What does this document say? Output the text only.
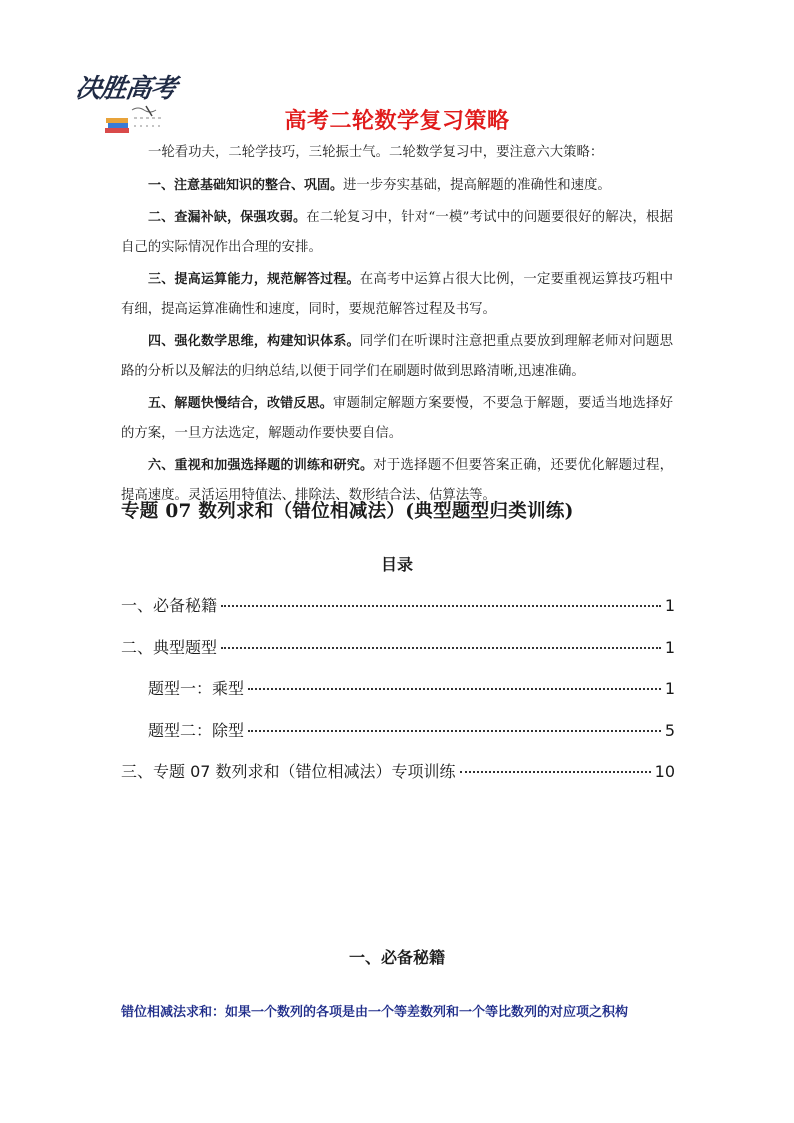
决胜高考
高考二轮数学复习策略

一轮看功夫，二轮学技巧，三轮振士气。二轮数学复习中，要注意六大策略：

一、注意基础知识的整合、巩固。进一步夯实基础，提高解题的准确性和速度。

二、查漏补缺，保强攻弱。在二轮复习中，针对“一模”考试中的问题要很好的解决，根据自己的实际情况作出合理的安排。

三、提高运算能力，规范解答过程。在高考中运算占很大比例，一定要重视运算技巧粗中有细，提高运算准确性和速度，同时，要规范解答过程及书写。

四、强化数学思维，构建知识体系。同学们在听课时注意把重点要放到理解老师对问题思路的分析以及解法的归纳总结,以便于同学们在刷题时做到思路清晰,迅速准确。

五、解题快慢结合，改错反思。审题制定解题方案要慢，不要急于解题，要适当地选择好的方案，一旦方法选定，解题动作要快要自信。

六、重视和加强选择题的训练和研究。对于选择题不但要答案正确，还要优化解题过程，提高速度。灵活运用特值法、排除法、数形结合法、估算法等。

专题 07 数列求和（错位相减法）(典型题型归类训练)
目录
一、必备秘籍	1
二、典型题型	1
题型一：乘型	1
题型二：除型	5
三、专题 07 数列求和（错位相减法）专项训练	10
一、必备秘籍
错位相减法求和：如果一个数列的各项是由一个等差数列和一个等比数列的对应项之积构
